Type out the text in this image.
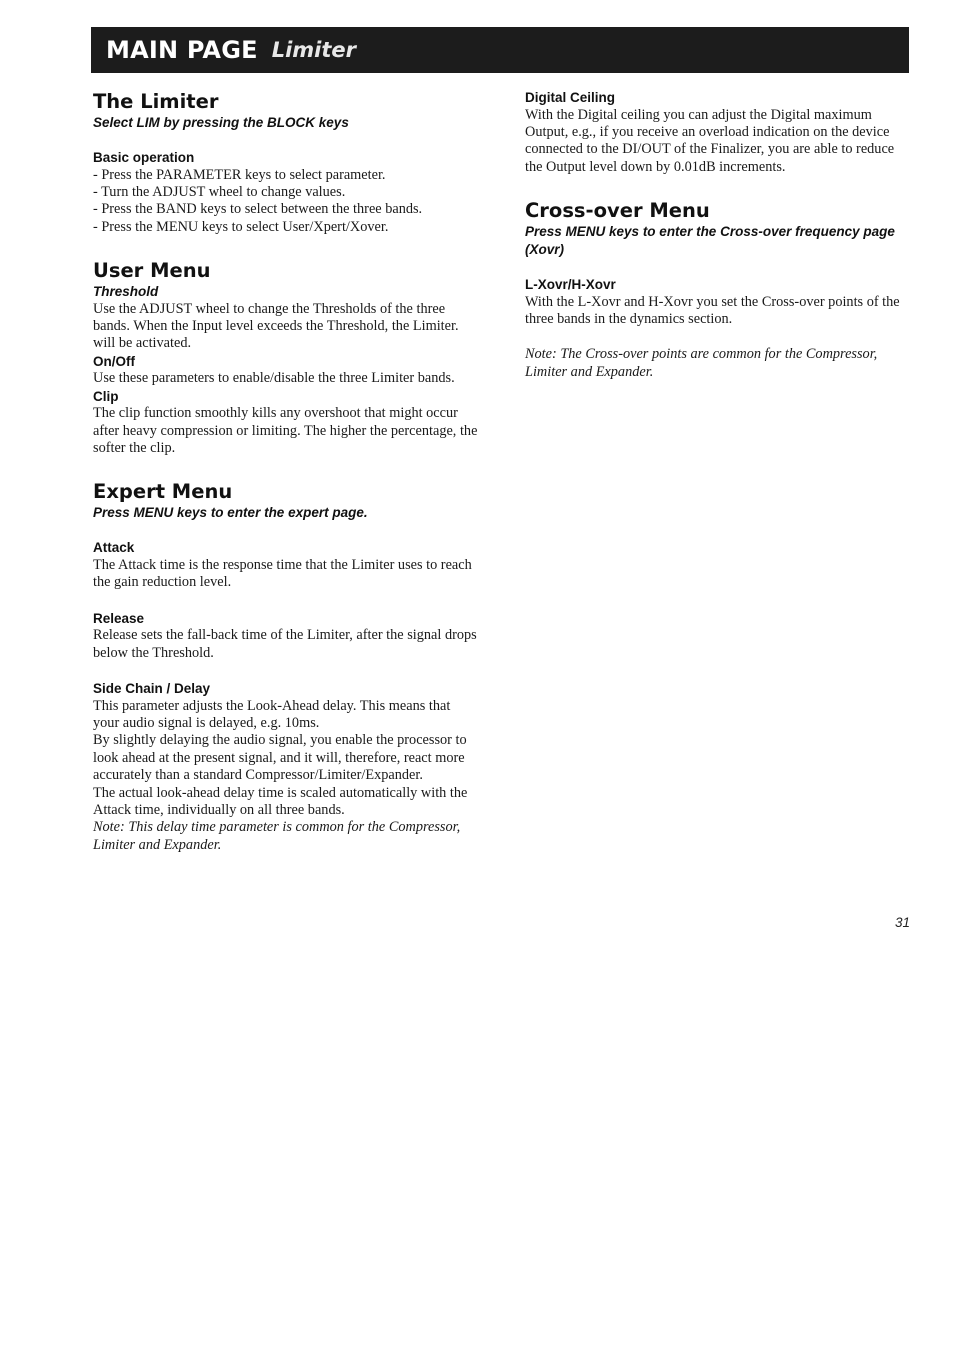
MAIN PAGE Limiter
The Limiter
Select LIM by pressing the BLOCK keys
Basic operation

- Press the PARAMETER keys to select parameter.

- Turn the ADJUST wheel to change values.

- Press the BAND keys to select between the three bands.

- Press the MENU keys to select User/Xpert/Xover.

User Menu
Threshold

Use the ADJUST wheel to change the Thresholds of the three bands. When the Input level exceeds the Threshold, the Limiter. will be activated.

On/Off

Use these parameters to enable/disable the three Limiter bands.

Clip

The clip function smoothly kills any overshoot that might occur after heavy compression or limiting. The higher the percentage, the softer the clip.

Expert Menu
Press MENU keys to enter the expert page.
Attack

The Attack time is the response time that the Limiter uses to reach the gain reduction level.

Release

Release sets the fall-back time of the Limiter, after the signal drops below the Threshold.

Side Chain / Delay

This parameter adjusts the Look-Ahead delay. This means that your audio signal is delayed, e.g. 10ms.

By slightly delaying the audio signal, you enable the processor to look ahead at the present signal, and it will, therefore, react more accurately than a standard Compressor/Limiter/Expander.

The actual look-ahead delay time is scaled automatically with the Attack time, individually on all three bands.

Note: This delay time parameter is common for the Compressor, Limiter and Expander.

Digital Ceiling

With the Digital ceiling you can adjust the Digital maximum Output, e.g., if you receive an overload indication on the device connected to the DI/OUT of the Finalizer, you are able to reduce the Output level down by 0.01dB increments.

Cross-over Menu
Press MENU keys to enter the Cross-over frequency page (Xovr)
L-Xovr/H-Xovr

With the L-Xovr and H-Xovr you set the Cross-over points of the three bands in the dynamics section.

Note: The Cross-over points are common for the Compressor, Limiter and Expander.

31
